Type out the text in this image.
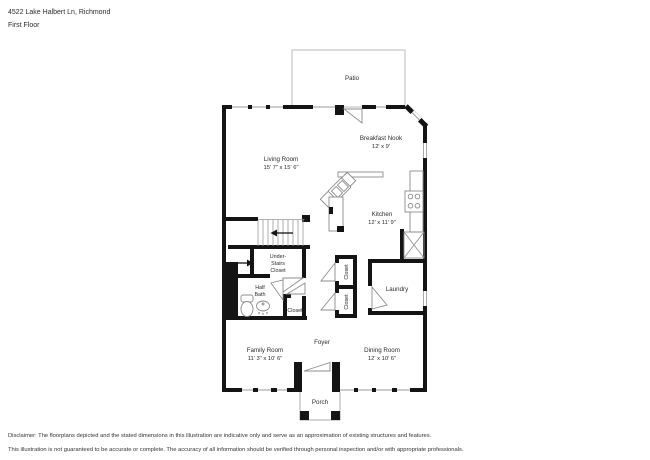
4522 Lake Halbert Ln, Richmond
First Floor
Patio
Living Room
15' 7" x 15' 6"
Breakfast Nook
12' x 9'
Kitchen
12' x 11' 9"
Under-
Stairs
Closet
Half
Bath
Closet
Closet
Closet
Laundry
Foyer
Family Room
11' 3" x 10' 6"
Dining Room
12' x 10' 6"
Porch
Disclaimer: The floorplans depicted and the stated dimensions in this illustration are indicative only and serve as an approximation of existing structures and features.
This illustration is not guaranteed to be accurate or complete. The accuracy of all information should be verified through personal inspection and/or with appropriate professionals.
